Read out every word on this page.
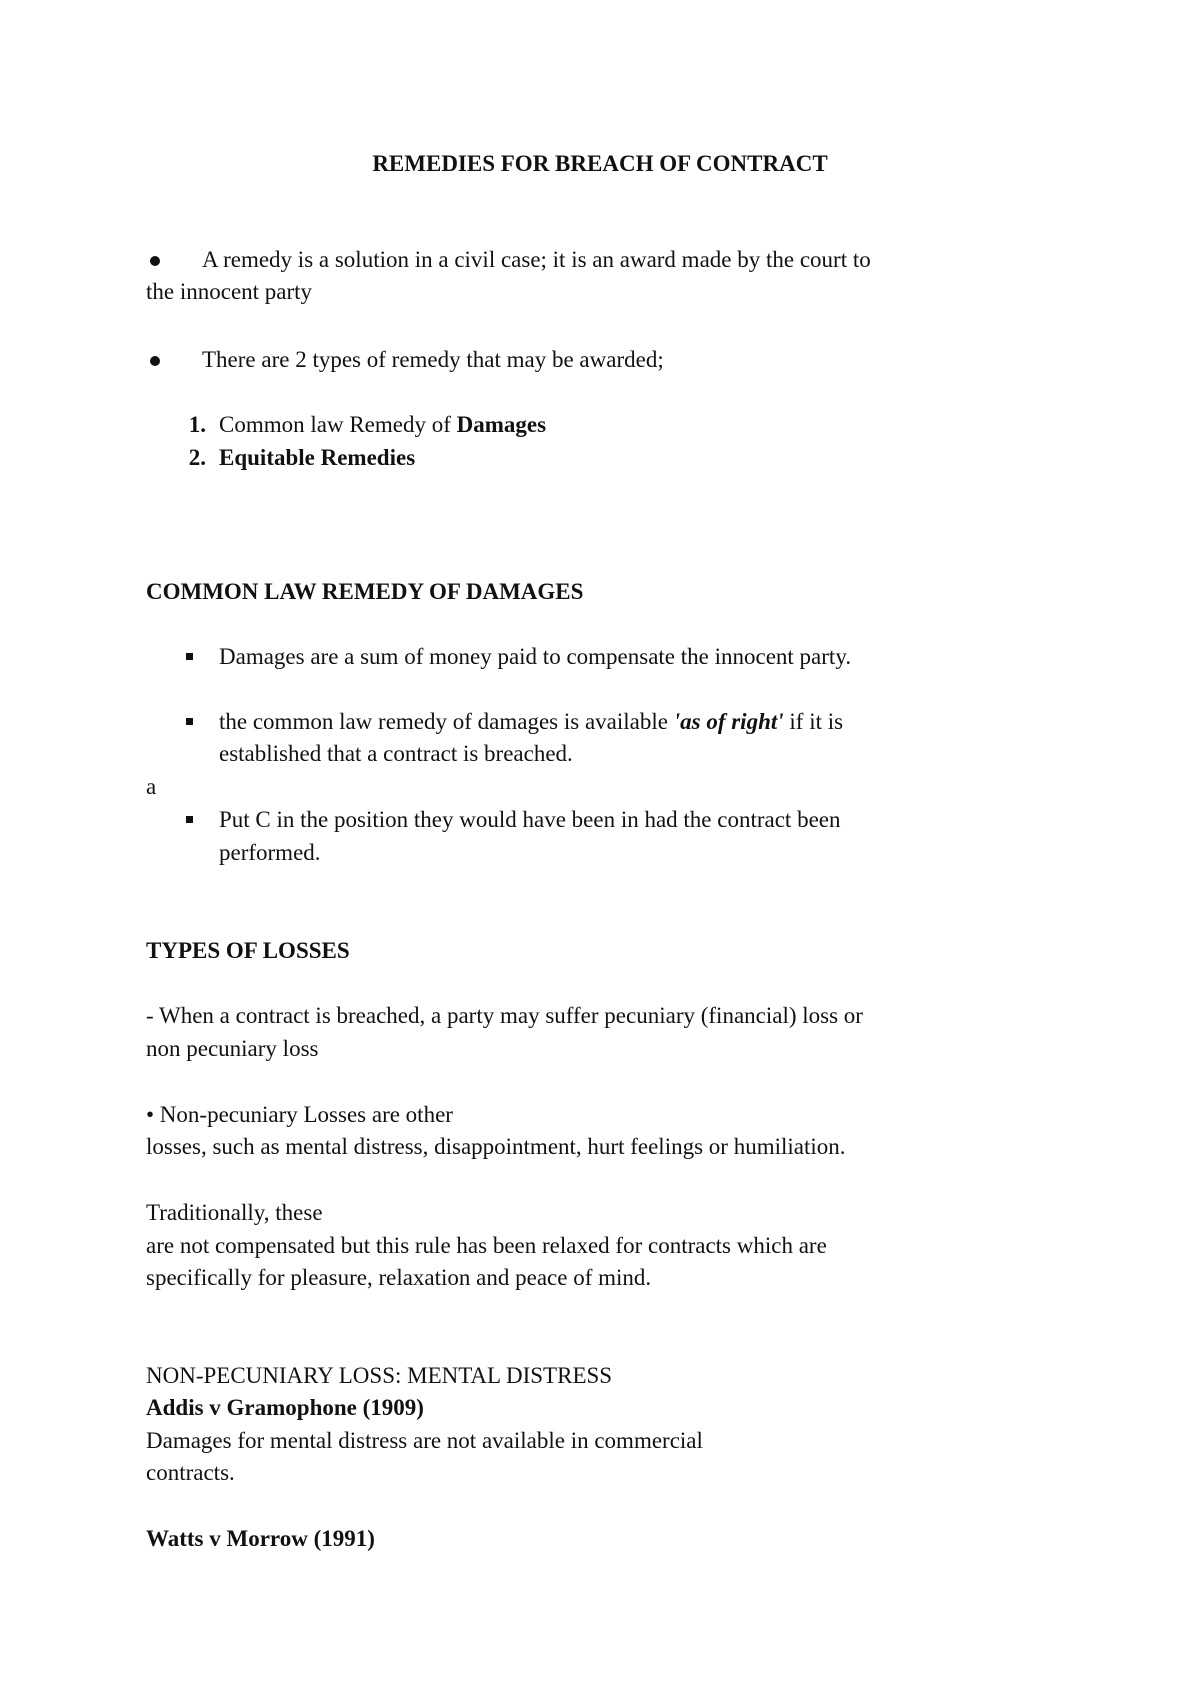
REMEDIES FOR BREACH OF CONTRACT
A remedy is a solution in a civil case; it is an award made by the court to
the innocent party
There are 2 types of remedy that may be awarded;
1. Common law Remedy of Damages
2. Equitable Remedies
COMMON LAW REMEDY OF DAMAGES
Damages are a sum of money paid to compensate the innocent party.
the common law remedy of damages is available 'as of right' if it is
established that a contract is breached.
a
Put C in the position they would have been in had the contract been
performed.
TYPES OF LOSSES
- When a contract is breached, a party may suffer pecuniary (financial) loss or
non pecuniary loss
• Non-pecuniary Losses are other
losses, such as mental distress, disappointment, hurt feelings or humiliation.
Traditionally, these
are not compensated but this rule has been relaxed for contracts which are
specifically for pleasure, relaxation and peace of mind.
NON-PECUNIARY LOSS: MENTAL DISTRESS
Addis v Gramophone (1909)
Damages for mental distress are not available in commercial
contracts.
Watts v Morrow (1991)
